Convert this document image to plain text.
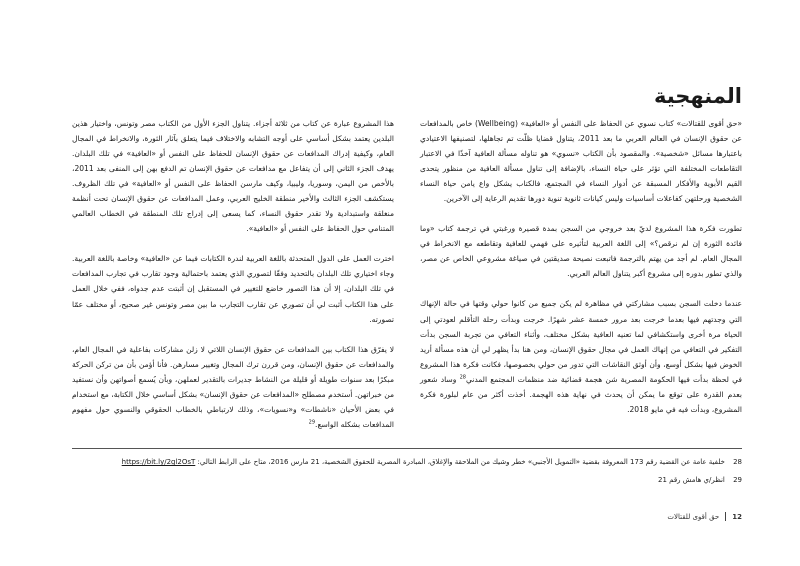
المنهجية

«حق أقوى للقتالات» كتاب نسوي عن الحفاظ على النفس أو «العافية» (Wellbeing) خاص بالمدافعات عن حقوق الإنسان في العالم العربي ما بعد 2011، يتناول قضايا ظلّت تم تجاهلها، لتصنيفها الاعتيادي باعتبارها مسائل «شخصية». والمقصود بأن الكتاب «نسوي» هو تناوله مسألة العافية آخذًا في الاعتبار التقاطعات المختلفة التي تؤثر على حياة النساء، بالإضافة إلى تناول مسألة العافية من منظور يتحدى القيم الأبوية والأفكار المسبقة عن أدوار النساء في المجتمع، فالكتاب يشكل واع يامن حياة النساء الشخصية ورحلتهن كفاعلات أساسيات وليس كيانات ثانوية تنوية دورها تقديم الرعاية إلى الآخرين.

تطورت فكرة هذا المشروع لديّ بعد خروجي من السجن بمدة قصيرة ورغبتي في ترجمة كتاب «وما فائدة الثورة إن لم نرقص؟» إلى اللغة العربية لتأثيره على فهمي للعافية وتقاطعه مع الانخراط في المجال العام. لم أجد من يهتم بالترجمة فاتبعت نصيحة صديقتين في صياغة مشروعي الخاص عن مصر، والذي تطور بدوره إلى مشروع أكبر يتناول العالم العربي.

عندما دخلت السجن بسبب مشاركتي في مظاهرة لم يكن جميع من كانوا حولي وقتها في حالة الإنهاك التي وجدتهم فيها بعدما خرجت بعد مرور خمسة عشر شهرًا. خرجت وبدأت رحلة التأقلم لعودتي إلى الحياة مرة أخرى واستكشافي لما تعنيه العافية بشكل مختلف، وأثناء التعافي من تجربة السجن بدأت التفكير في التعافي من إنهاك العمل في مجال حقوق الإنسان، ومن هنا بدأ يظهر لي أن هذه مسألة أريد الخوض فيها بشكل أوسع، وأن أوثق النقاشات التي تدور من حولي بخصوصها، فكانت فكرة هذا المشروع في لحظة بدأت فيها الحكومة المصرية شن هجمة قضائية ضد منظمات المجتمع المدني$^{28}$ وساد شعور بعدم القدرة على توقع ما يمكن أن يحدث في نهاية هذه الهجمة. أخذت أكثر من عام لبلورة فكرة المشروع، وبدأت فيه في مايو 2018.

هذا المشروع عبارة عن كتاب من ثلاثة أجزاء. يتناول الجزء الأول من الكتاب مصر وتونس، واختيار هذين البلدين يعتمد بشكل أساسي على أوجه التشابه والاختلاف فيما يتعلق بآثار الثورة، والانخراط في المجال العام، وكيفية إدراك المدافعات عن حقوق الإنسان للحفاظ على النفس أو «العافية» في تلك البلدان. يهدف الجزء الثاني إلى أن يتفاعل مع مدافعات عن حقوق الإنسان تم الدفع بهن إلى المنفى بعد 2011، بالأخص من اليمن، وسوريا، وليبيا، وكيف مارسن الحفاظ على النفس أو «العافية» في تلك الظروف. يستكشف الجزء الثالث والأخير منطقة الخليج العربي، وعمل المدافعات عن حقوق الإنسان تحت أنظمة منغلقة واستبدادية ولا تقدر حقوق النساء، كما يسعى إلى إدراج تلك المنطقة في الخطاب العالمي المتنامي حول الحفاظ على النفس أو «العافية».

اخترت العمل على الدول المتحدثة باللغة العربية لندرة الكتابات فيما عن «العافية» وخاصة باللغة العربية. وجاء اختياري تلك البلدان بالتحديد وفقًا لتصوري الذي يعتمد باحتمالية وجود تقارب في تجارب المدافعات في تلك البلدان، إلا أن هذا التصور خاضع للتغيير في المستقبل إن أثبتت عدم جدواه، ففي خلال العمل على هذا الكتاب أثبت لي أن تصوري عن تقارب التجارب ما بين مصر وتونس غير صحيح، أو مختلف عمّا تصورته.

لا يفرّق هذا الكتاب بين المدافعات عن حقوق الإنسان اللاتي لا زلن مشاركات بفاعلية في المجال العام، والمدافعات عن حقوق الإنسان، ومن قررن ترك المجال وتغيير مسارهن. فأنا أؤمن بأن من تركن الحركة مبكرًا بعد سنوات طويلة أو قليلة من النشاط جديرات بالتقدير لعملهن، وبأن يُسمع أصواتهن وأن نستفيد من خبراتهن. أستخدم مصطلح «المدافعات عن حقوق الإنسان» بشكل أساسي خلال الكتابة، مع استخدام في بعض الأحيان «ناشطات» و«نسويات»، وذلك لارتباطي بالخطاب الحقوقي والنسوي حول مفهوم المدافعات بشكله الواسع.$^{29}$

28 خلفية عامة عن القضية رقم 173 المعروفة بقضية «التمويل الأجنبي» خطر وشيك من الملاحقة والإغلاق، المبادرة المصرية للحقوق الشخصية، 21 مارس 2016، متاح على الرابط التالي: https://bit.ly/2gl2OsT
29 انظر/ي هامش رقم 21
12
حق أقوى للقتالات
